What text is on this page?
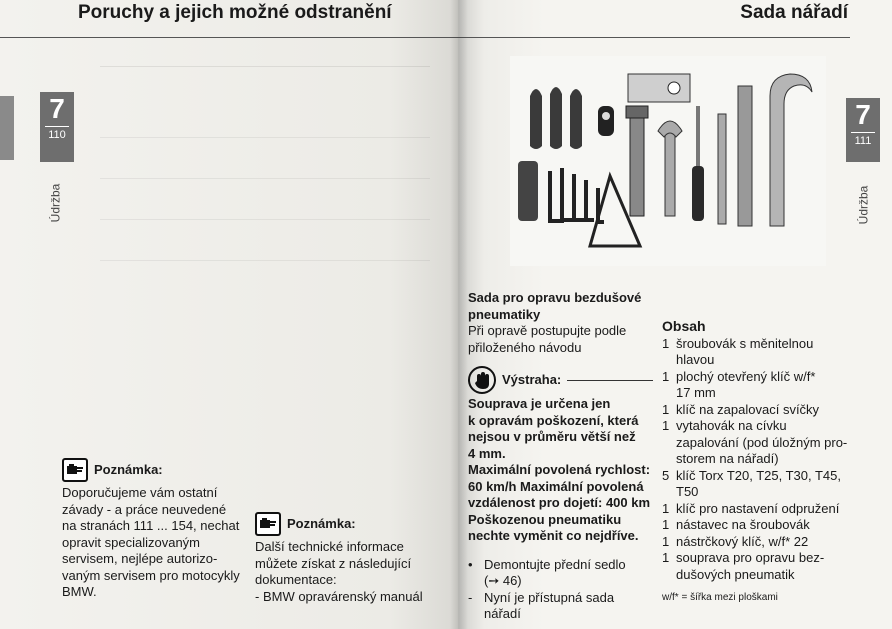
Poruchy a jejich možné odstranění
7
110
Údržba
Poznámka:

Doporučujeme vám ostatní

závady - a práce neuvedené

na stranách 111 ... 154, nechat

opravit specializovaným

servisem, nejlépe autorizo-

vaným servisem pro motocykly

BMW.

Poznámka:

Další technické informace

můžete získat z následující

dokumentace:

- BMW opravárenský manuál

Sada nářadí
7
111
Údržba
Sada pro opravu bezdušové
pneumatiky
Při opravě postupujte podle
přiloženého návodu
Výstraha:
Souprava je určena jen
k opravám poškození, která
nejsou v průměru větší než
4 mm.
Maximální povolená rychlost:
60 km/h Maximální povolená
vzdálenost pro dojetí: 400 km
Poškozenou pneumatiku
nechte vyměnit co nejdříve.
• Demontujte přední sedlo
(➙ 46)
- Nyní je přístupná sada nářadí
Obsah
1 šroubovák s měnitelnou
hlavou
1 plochý otevřený klíč w/f*
17 mm
1 klíč na zapalovací svíčky
1 vytahovák na cívku
zapalování (pod úložným pro-
storem na nářadí)
5 klíč Torx T20, T25, T30, T45,
T50
1 klíč pro nastavení odpružení
1 nástavec na šroubovák
1 nástrčkový klíč, w/f* 22
1 souprava pro opravu bez-
dušových pneumatik
w/f* = šířka mezi ploškami
